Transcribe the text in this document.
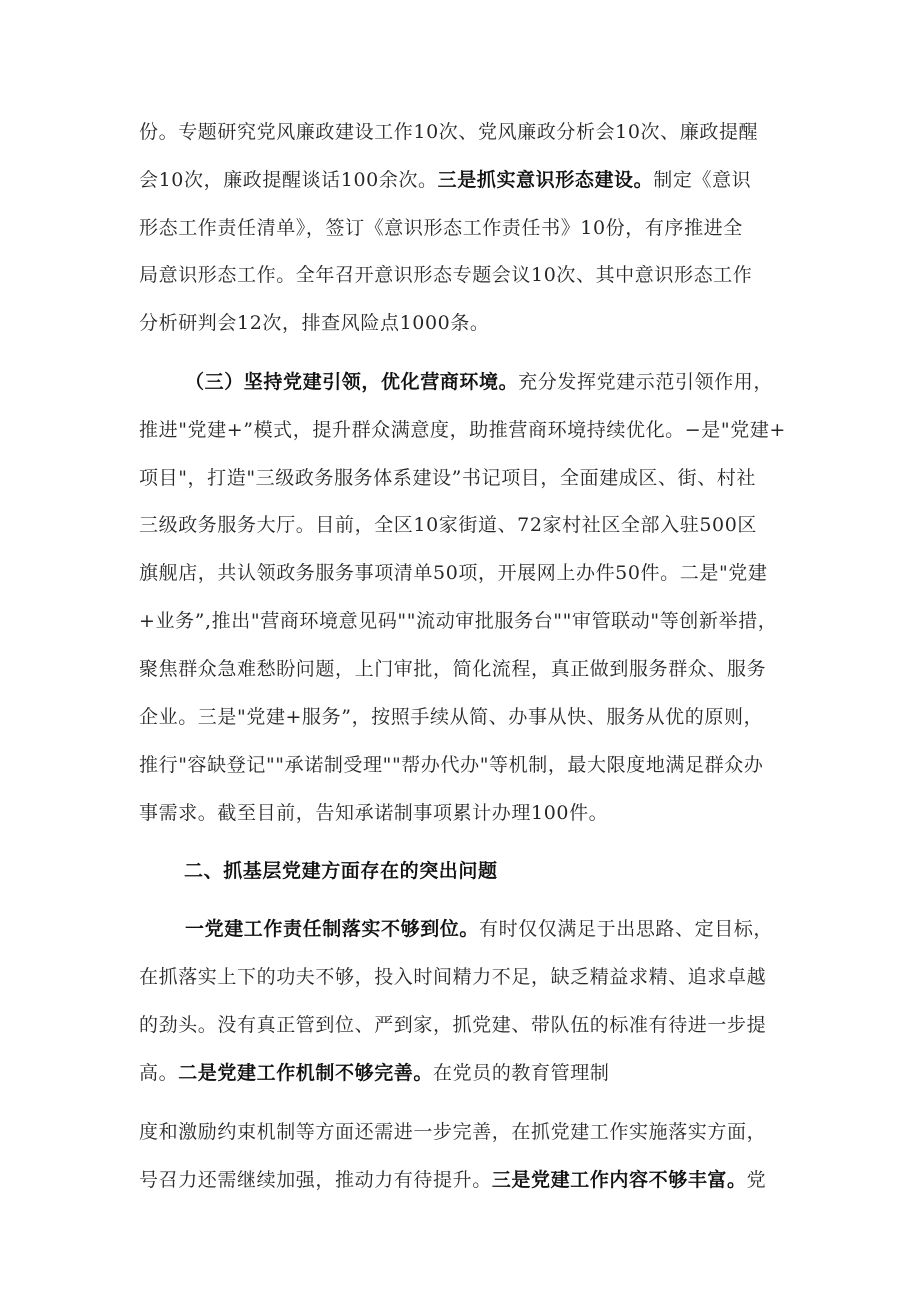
份。专题研究党风廉政建设工作10次、党风廉政分析会10次、廉政提醒
会10次，廉政提醒谈话100余次。三是抓实意识形态建设。制定《意识
形态工作责任清单》，签订《意识形态工作责任书》10份，有序推进全
局意识形态工作。全年召开意识形态专题会议10次、其中意识形态工作
分析研判会12次，排查风险点1000条。
（三）坚持党建引领，优化营商环境。充分发挥党建示范引领作用，
推进"党建+”模式，提升群众满意度，助推营商环境持续优化。−是"党建+
项目"，打造"三级政务服务体系建设”书记项目，全面建成区、街、村社
三级政务服务大厅。目前，全区10家街道、72家村社区全部入驻500区
旗舰店，共认领政务服务事项清单50项，开展网上办件50件。二是"党建
+业务”,推出"营商环境意见码""流动审批服务台""审管联动"等创新举措，
聚焦群众急难愁盼问题，上门审批，简化流程，真正做到服务群众、服务
企业。三是"党建+服务”，按照手续从简、办事从快、服务从优的原则，
推行"容缺登记""承诺制受理""帮办代办"等机制，最大限度地满足群众办
事需求。截至目前，告知承诺制事项累计办理100件。
二、抓基层党建方面存在的突出问题
一党建工作责任制落实不够到位。有时仅仅满足于出思路、定目标，
在抓落实上下的功夫不够，投入时间精力不足，缺乏精益求精、追求卓越
的劲头。没有真正管到位、严到家，抓党建、带队伍的标准有待进一步提
高。二是党建工作机制不够完善。在党员的教育管理制
度和激励约束机制等方面还需进一步完善，在抓党建工作实施落实方面，
号召力还需继续加强，推动力有待提升。三是党建工作内容不够丰富。党
